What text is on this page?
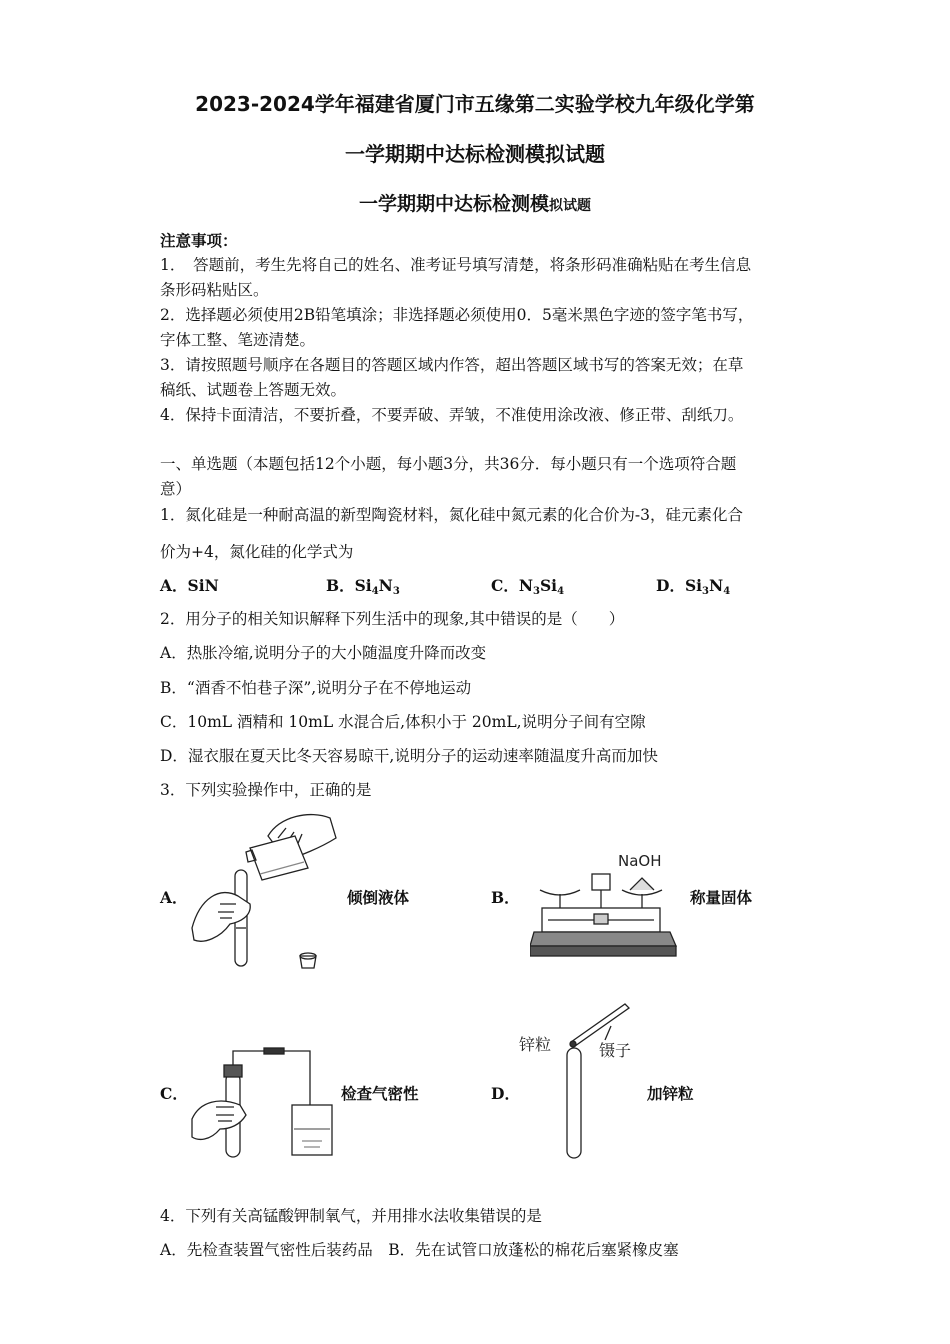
2023-2024学年福建省厦门市五缘第二实验学校九年级化学第
一学期期中达标检测模拟试题
一学期期中达标检测模拟试题
注意事项：
1．　答题前，考生先将自己的姓名、准考证号填写清楚，将条形码准确粘贴在考生信息
条形码粘贴区。
2．选择题必须使用2B铅笔填涂；非选择题必须使用0．5毫米黑色字迹的签字笔书写，
字体工整、笔迹清楚。
3．请按照题号顺序在各题目的答题区域内作答，超出答题区域书写的答案无效；在草
稿纸、试题卷上答题无效。
4．保持卡面清洁，不要折叠，不要弄破、弄皱，不准使用涂改液、修正带、刮纸刀。
一、单选题（本题包括12个小题，每小题3分，共36分．每小题只有一个选项符合题
意）
1．氮化硅是一种耐高温的新型陶瓷材料，氮化硅中氮元素的化合价为-3，硅元素化合
价为+4，氮化硅的化学式为
A．SiN	B．$Si_4N_3$	C．$N_3Si_4$	D．$Si_3N_4$
2．用分子的相关知识解释下列生活中的现象,其中错误的是（　　）
A．热胀冷缩,说明分子的大小随温度升降而改变
B．“酒香不怕巷子深”,说明分子在不停地运动
C．10mL 酒精和 10mL 水混合后,体积小于 20mL,说明分子间有空隙
D．湿衣服在夏天比冬天容易晾干,说明分子的运动速率随温度升高而加快
3．下列实验操作中，正确的是
A．	倾倒液体	B．	称量固体
C．	检查气密性	D．	加锌粒
NaOH
锌粒	镊子
4．下列有关高锰酸钾制氧气，并用排水法收集错误的是
A．先检查装置气密性后装药品　B．先在试管口放蓬松的棉花后塞紧橡皮塞
